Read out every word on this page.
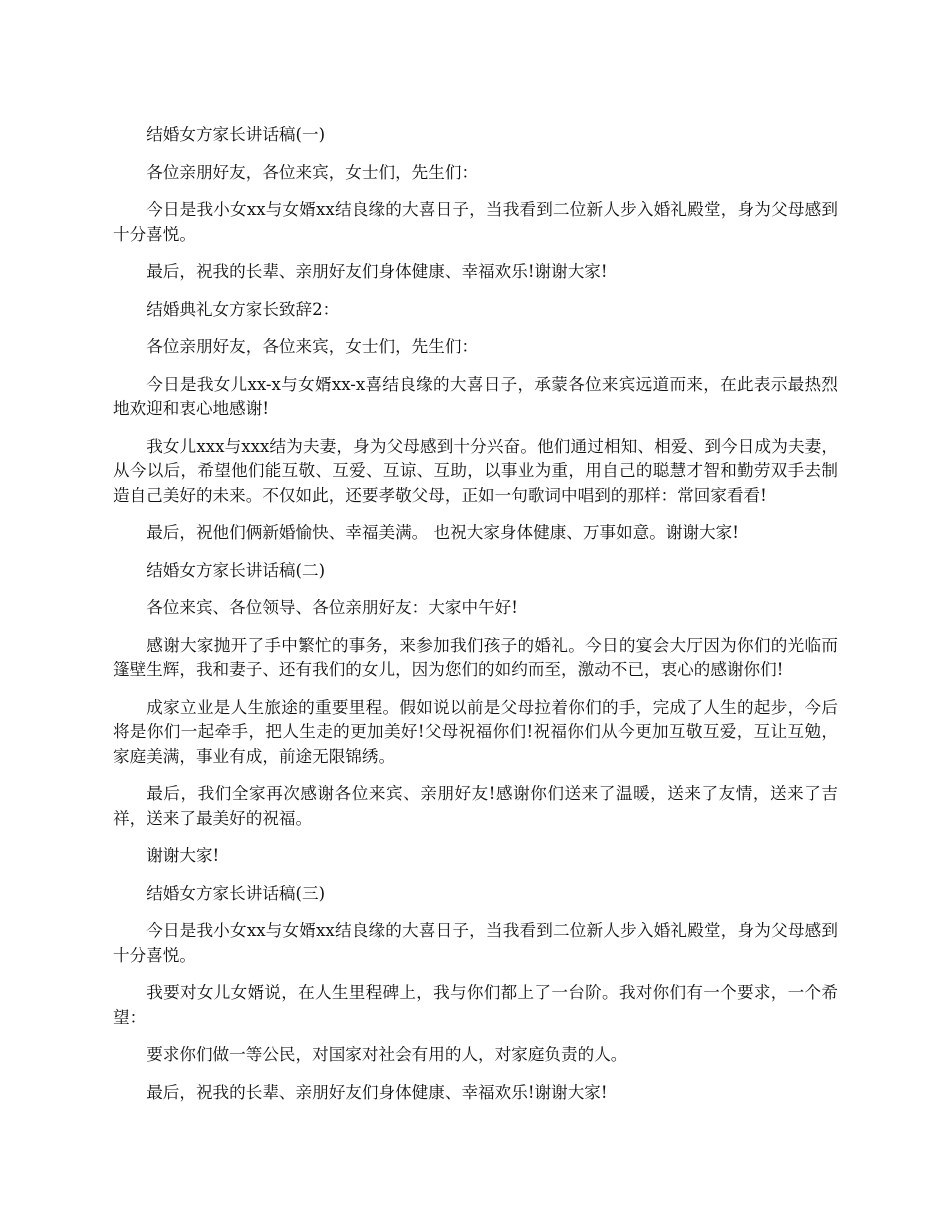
结婚女方家长讲话稿(一)

各位亲朋好友，各位来宾，女士们，先生们：

今日是我小女xx与女婿xx结良缘的大喜日子，当我看到二位新人步入婚礼殿堂，身为父母感到十分喜悦。

最后，祝我的长辈、亲朋好友们身体健康、幸福欢乐!谢谢大家!

结婚典礼女方家长致辞2：

各位亲朋好友，各位来宾，女士们，先生们：

今日是我女儿xx-x与女婿xx-x喜结良缘的大喜日子，承蒙各位来宾远道而来，在此表示最热烈地欢迎和衷心地感谢!

我女儿xxx与xxx结为夫妻，身为父母感到十分兴奋。他们通过相知、相爱、到今日成为夫妻，从今以后，希望他们能互敬、互爱、互谅、互助，以事业为重，用自己的聪慧才智和勤劳双手去制造自己美好的未来。不仅如此，还要孝敬父母，正如一句歌词中唱到的那样：常回家看看!

最后，祝他们俩新婚愉快、幸福美满。 也祝大家身体健康、万事如意。谢谢大家!

结婚女方家长讲话稿(二)

各位来宾、各位领导、各位亲朋好友：大家中午好!

感谢大家抛开了手中繁忙的事务，来参加我们孩子的婚礼。今日的宴会大厅因为你们的光临而篷壁生辉，我和妻子、还有我们的女儿，因为您们的如约而至，激动不已，衷心的感谢你们!

成家立业是人生旅途的重要里程。假如说以前是父母拉着你们的手，完成了人生的起步，今后将是你们一起牵手，把人生走的更加美好!父母祝福你们!祝福你们从今更加互敬互爱，互让互勉，家庭美满，事业有成，前途无限锦绣。

最后，我们全家再次感谢各位来宾、亲朋好友!感谢你们送来了温暖，送来了友情，送来了吉祥，送来了最美好的祝福。

谢谢大家!

结婚女方家长讲话稿(三)

今日是我小女xx与女婿xx结良缘的大喜日子，当我看到二位新人步入婚礼殿堂，身为父母感到十分喜悦。

我要对女儿女婿说，在人生里程碑上，我与你们都上了一台阶。我对你们有一个要求，一个希望：

要求你们做一等公民，对国家对社会有用的人，对家庭负责的人。

最后，祝我的长辈、亲朋好友们身体健康、幸福欢乐!谢谢大家!
